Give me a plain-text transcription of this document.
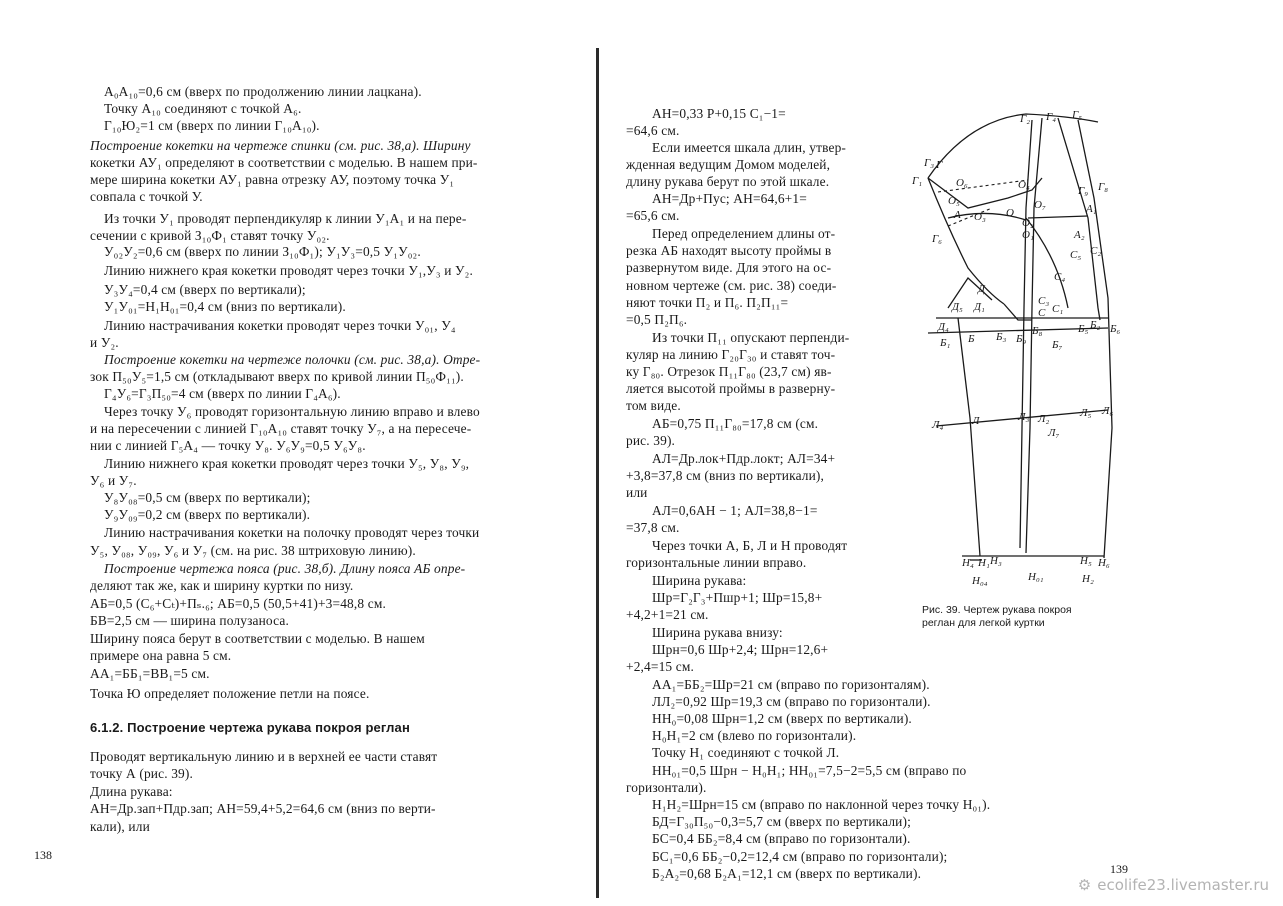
А₀А₁₀=0,6 см (вверх по продолжению линии лацкана).
Точку А₁₀ соединяют с точкой А₆.
Г₁₀Ю₂=1 см (вверх по линии Г₁₀А₁₀).
Построение кокетки на чертеже спинки (см. рис. 38,а). Ширину
кокетки АУ₁ определяют в соответствии с моделью. В нашем при-
мере ширина кокетки АУ₁ равна отрезку АУ, поэтому точка У₁
совпала с точкой У.
Из точки У₁ проводят перпендикуляр к линии У₁А₁ и на пере-
сечении с кривой З₁₀Ф₁ ставят точку У₀₂.
У₀₂У₂=0,6 см (вверх по линии З₁₀Ф₁); У₁У₃=0,5 У₁У₀₂.
Линию нижнего края кокетки проводят через точки У₁,У₃ и У₂.
У₃У₄=0,4 см (вверх по вертикали);
У₁У₀₁=Н₁Н₀₁=0,4 см (вниз по вертикали).
Линию настрачивания кокетки проводят через точки У₀₁, У₄
и У₂.
Построение кокетки на чертеже полочки (см. рис. 38,а). Отре-
зок П₅₀У₅=1,5 см (откладывают вверх по кривой линии П₅₀Ф₁₁).
Г₄У₆=Г₃П₅₀=4 см (вверх по линии Г₄А₆).
Через точку У₆ проводят горизонтальную линию вправо и влево
и на пересечении с линией Г₁₀А₁₀ ставят точку У₇, а на пересече-
нии с линией Г₅А₄ — точку У₈. У₆У₉=0,5 У₆У₈.
Линию нижнего края кокетки проводят через точки У₅, У₈, У₉,
У₆ и У₇.
У₈У₀₈=0,5 см (вверх по вертикали);
У₉У₀₉=0,2 см (вверх по вертикали).
Линию настрачивания кокетки на полочку проводят через точки
У₅, У₀₈, У₀₉, У₆ и У₇ (см. на рис. 38 штриховую линию).
Построение чертежа пояса (рис. 38,б). Длину пояса АБ опре-
деляют так же, как и ширину куртки по низу.
АБ=0,5 (С₆+Сₜ)+Пₛ.₆; АБ=0,5 (50,5+41)+3=48,8 см.
БВ=2,5 см — ширина полузаноса.
Ширину пояса берут в соответствии с моделью. В нашем
примере она равна 5 см.
АА₁=ББ₁=ВВ₁=5 см.
Точка Ю определяет положение петли на поясе.
6.1.2. Построение чертежа рукава покроя реглан
Проводят вертикальную линию и в верхней ее части ставят
точку А (рис. 39).
Длина рукава:
АН=Др.зап+Пдр.зап; АН=59,4+5,2=64,6 см (вниз по верти-
кали), или
АН=0,33 Р+0,15 С₁−1=
=64,6 см.
Если имеется шкала длин, утвер-
жденная ведущим Домом моделей,
длину рукава берут по этой шкале.
АН=Др+Пус; АН=64,6+1=
=65,6 см.
Перед определением длины от-
резка АБ находят высоту проймы в
развернутом виде. Для этого на ос-
новном чертеже (см. рис. 38) соеди-
няют точки П₂ и П₆. П₂П₁₁=
=0,5 П₂П₆.
Из точки П₁₁ опускают перпенди-
куляр на линию Г₂₀Г₃₀ и ставят точ-
ку Г₈₀. Отрезок П₁₁Г₈₀ (23,7 см) яв-
ляется высотой проймы в разверну-
том виде.
АБ=0,75 П₁₁Г₈₀=17,8 см (см.
рис. 39).
АЛ=Др.лок+Пдр.локт; АЛ=34+
+3,8=37,8 см (вниз по вертикали),
или
АЛ=0,6АН − 1; АЛ=38,8−1=
=37,8 см.
Через точки А, Б, Л и Н проводят
горизонтальные линии вправо.
Ширина рукава:
Шр=Г₂Г₃+Пшр+1; Шр=15,8+
+4,2+1=21 см.
Ширина рукава внизу:
Шрн=0,6 Шр+2,4; Шрн=12,6+
+2,4=15 см.
АА₁=ББ₂=Шр=21 см (вправо по горизонталям).
ЛЛ₂=0,92 Шр=19,3 см (вправо по горизонтали).
НН₀=0,08 Шрн=1,2 см (вверх по вертикали).
Н₀Н₁=2 см (влево по горизонтали).
Точку Н₁ соединяют с точкой Л.
НН₀₁=0,5 Шрн − Н₀Н₁; НН₀₁=7,5−2=5,5 см (вправо по
горизонтали).
Н₁Н₂=Шрн=15 см (вправо по наклонной через точку Н₀₁).
БД=Г₃₀П₅₀−0,3=5,7 см (вверх по вертикали);
БС=0,4 ББ₂=8,4 см (вправо по горизонтали).
БС₁=0,6 ББ₂−0,2=12,4 см (вправо по горизонтали);
Б₂А₂=0,68 Б₂А₁=12,1 см (вверх по вертикали).
Г₂ Г₄ Г₅
Г₃ Г
Г₁	О₆
О₅
О₄
О₃ О
О₇
О₁
О₂
Г₆
Г₉ Г₈
А	А₁
А₂
С₂
С₅
С₄
С₃
С₁
С
Д
Д₅ Д₁
Д₄
Б₁ Б Б₃ Б₉
Б₈
Б₇
Б₅ Б₂ Б₆
Л₄	Л	Л₃ Л₂
Л₇
Л₅ Л₆
Н₄ Н₁ Н₃	Н₅ Н₆
Н₀₄	Н₀₁	Н₂
Рис. 39. Чертеж рукава покроя
реглан для легкой куртки
138
139
⚙ ecolife23.livemaster.ru
